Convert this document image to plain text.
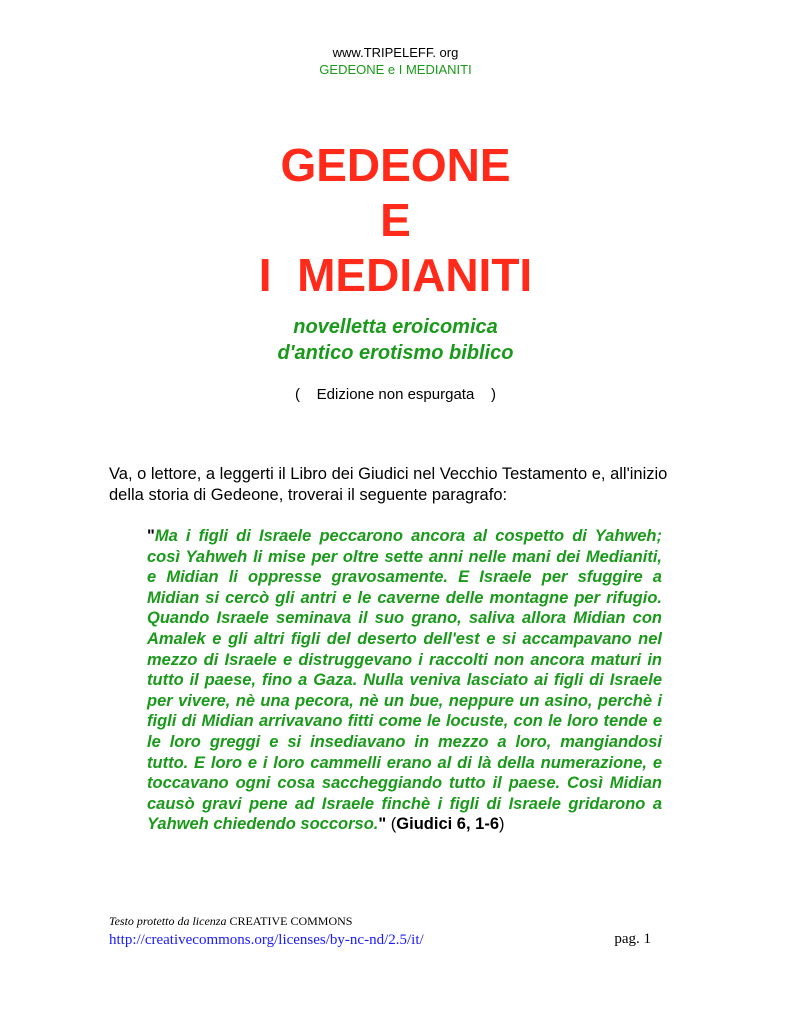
www.TRIPELEFF. org
GEDEONE e I MEDIANITI
GEDEONE
E
I  MEDIANITI
novelletta eroicomica
d'antico erotismo biblico
(    Edizione non espurgata    )
Va, o lettore, a leggerti il Libro dei Giudici nel Vecchio Testamento e, all'inizio della storia di Gedeone, troverai il seguente paragrafo:
"Ma i figli di Israele peccarono ancora al cospetto di Yahweh; così Yahweh li mise per oltre sette anni nelle mani dei Medianiti, e Midian li oppresse gravosamente. E Israele per sfuggire a Midian si cercò gli antri e le caverne delle montagne per rifugio. Quando Israele seminava il suo grano, saliva allora Midian con Amalek e gli altri figli del deserto dell'est e si accampavano nel mezzo di Israele e distruggevano i raccolti non ancora maturi in tutto il paese, fino a Gaza. Nulla veniva lasciato ai figli di Israele per vivere, nè una pecora, nè un bue, neppure un asino, perchè i figli di Midian arrivavano fitti come le locuste, con le loro tende e le loro greggi e si insediavano in mezzo a loro, mangiandosi tutto. E loro e i loro cammelli erano al di là della numerazione, e toccavano ogni cosa saccheggiando tutto il paese. Così Midian causò gravi pene ad Israele finchè i figli di Israele gridarono a Yahweh chiedendo soccorso." (Giudici 6, 1-6)
Testo protetto da licenza CREATIVE COMMONS
http://creativecommons.org/licenses/by-nc-nd/2.5/it/	pag. 1
